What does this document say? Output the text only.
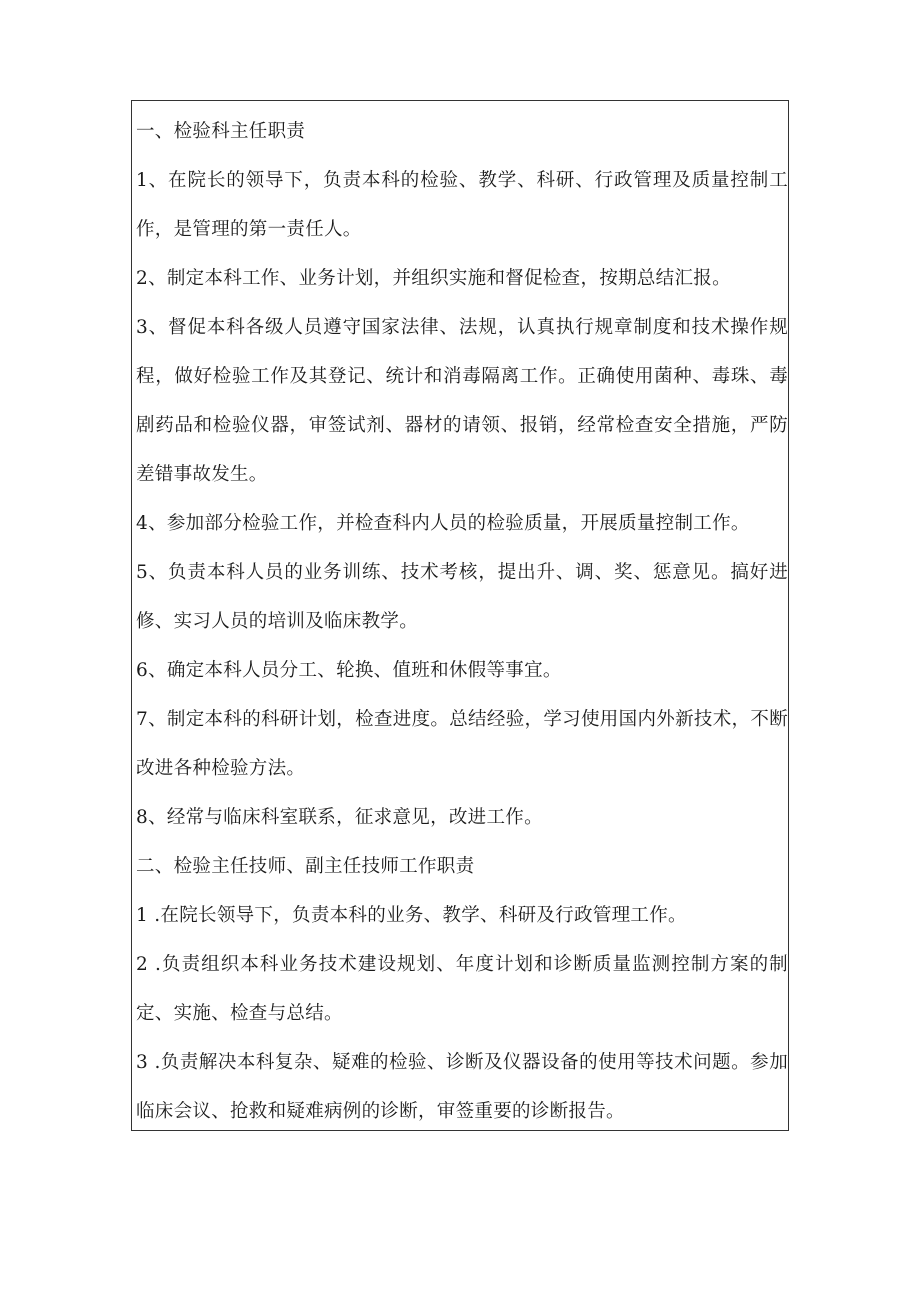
一、检验科主任职责

1、在院长的领导下，负责本科的检验、教学、科研、行政管理及质量控制工作，是管理的第一责任人。

2、制定本科工作、业务计划，并组织实施和督促检查，按期总结汇报。

3、督促本科各级人员遵守国家法律、法规，认真执行规章制度和技术操作规程，做好检验工作及其登记、统计和消毒隔离工作。正确使用菌种、毒珠、毒剧药品和检验仪器，审签试剂、器材的请领、报销，经常检查安全措施，严防差错事故发生。

4、参加部分检验工作，并检查科内人员的检验质量，开展质量控制工作。

5、负责本科人员的业务训练、技术考核，提出升、调、奖、惩意见。搞好进修、实习人员的培训及临床教学。

6、确定本科人员分工、轮换、值班和休假等事宜。

7、制定本科的科研计划，检查进度。总结经验，学习使用国内外新技术，不断改进各种检验方法。

8、经常与临床科室联系，征求意见，改进工作。

二、检验主任技师、副主任技师工作职责

1 .在院长领导下，负责本科的业务、教学、科研及行政管理工作。

2 .负责组织本科业务技术建设规划、年度计划和诊断质量监测控制方案的制定、实施、检查与总结。

3 .负责解决本科复杂、疑难的检验、诊断及仪器设备的使用等技术问题。参加临床会议、抢救和疑难病例的诊断，审签重要的诊断报告。
